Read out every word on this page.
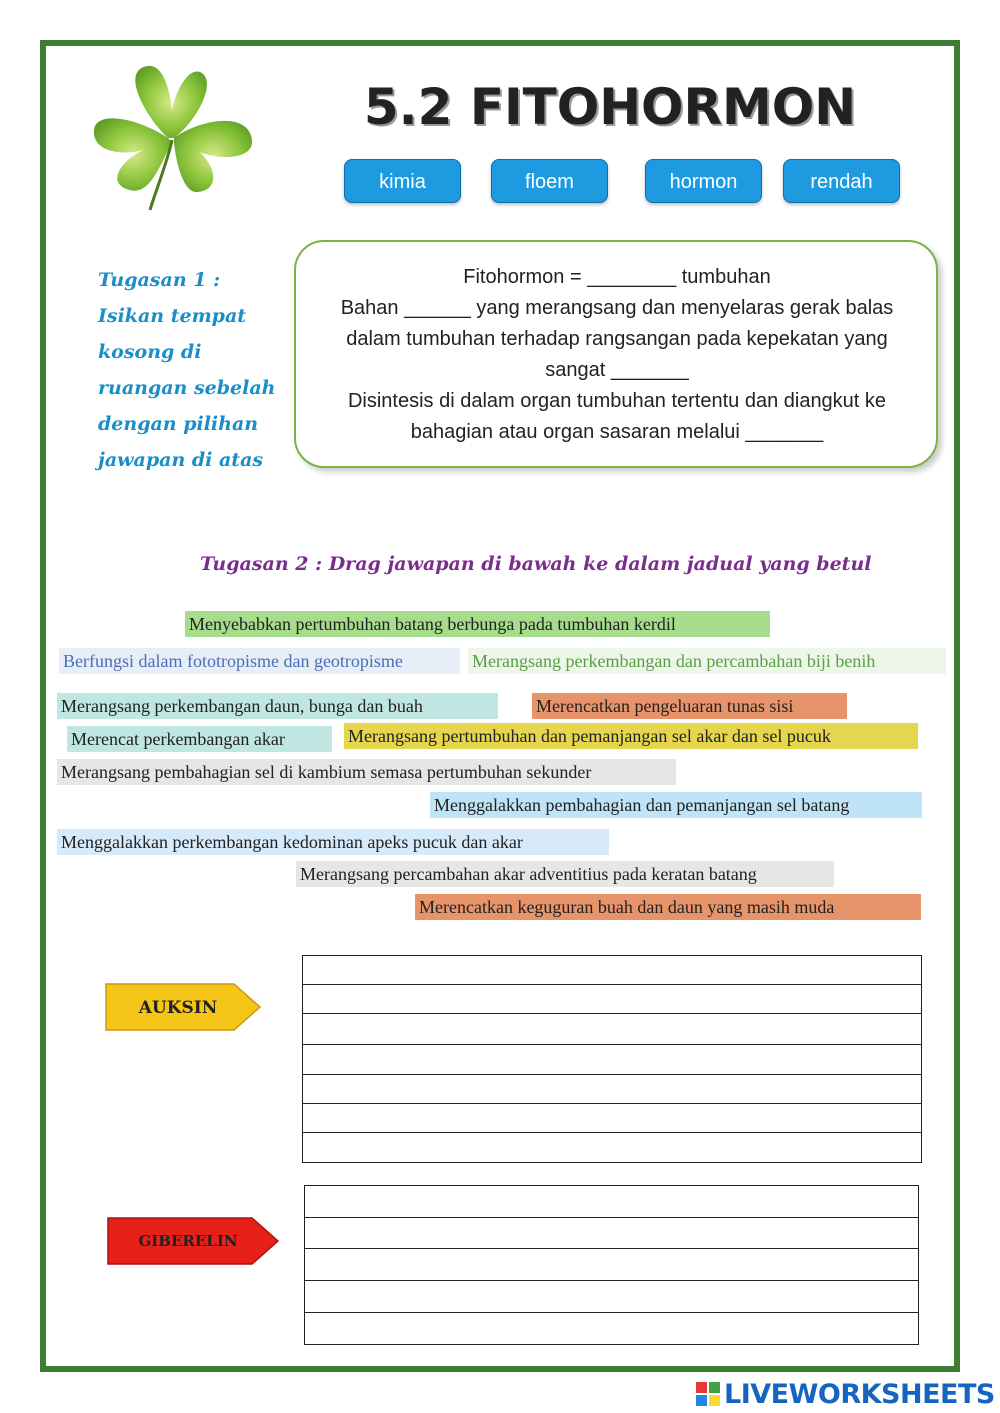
5.2 FITOHORMON
kimia	floem	hormon	rendah
Tugasan 1 :
Isikan tempat
kosong di
ruangan sebelah
dengan pilihan
jawapan di atas
Fitohormon = ________ tumbuhan
Bahan ______ yang merangsang dan menyelaras gerak balas
dalam tumbuhan terhadap rangsangan pada kepekatan yang
sangat _______
Disintesis di dalam organ tumbuhan tertentu dan diangkut ke
bahagian atau organ sasaran melalui _______
Tugasan 2 : Drag jawapan di bawah ke dalam jadual yang betul
Menyebabkan pertumbuhan batang berbunga pada tumbuhan kerdil
Berfungsi dalam fototropisme dan geotropisme	Merangsang perkembangan dan percambahan biji benih
Merangsang perkembangan daun, bunga dan buah	Merencatkan pengeluaran tunas sisi
Merencat perkembangan akar	Merangsang pertumbuhan dan pemanjangan sel akar dan sel pucuk
Merangsang pembahagian sel di kambium semasa pertumbuhan sekunder
Menggalakkan pembahagian dan pemanjangan sel batang
Menggalakkan perkembangan kedominan apeks pucuk dan akar
Merangsang percambahan akar adventitius pada keratan batang
Merencatkan keguguran buah dan daun yang masih muda
AUKSIN
GIBERELIN
LIVEWORKSHEETS
